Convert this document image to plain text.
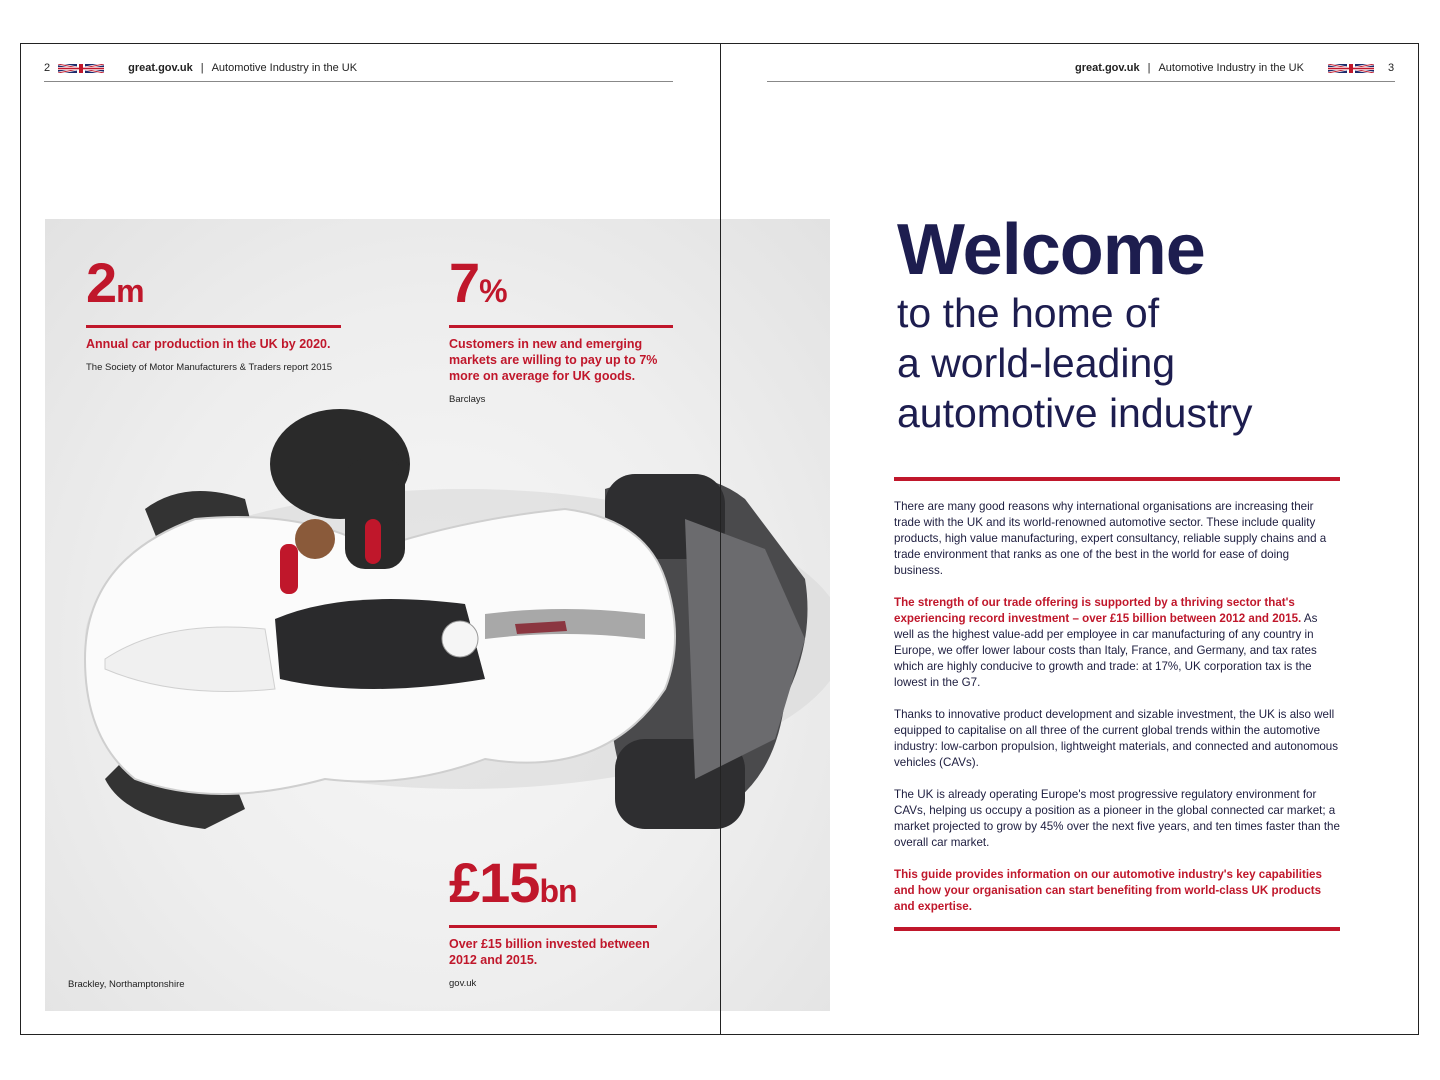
2	great.gov.uk | Automotive Industry in the UK	great.gov.uk | Automotive Industry in the UK	3
2m
Annual car production in the UK by 2020.
The Society of Motor Manufacturers & Traders report 2015
7%
Customers in new and emerging markets are willing to pay up to 7% more on average for UK goods.
Barclays
£15bn
Over £15 billion invested between 2012 and 2015.
gov.uk
Brackley, Northamptonshire
Welcome
to the home of
a world-leading
automotive industry

There are many good reasons why international organisations are increasing their trade with the UK and its world-renowned automotive sector. These include quality products, high value manufacturing, expert consultancy, reliable supply chains and a trade environment that ranks as one of the best in the world for ease of doing business.

The strength of our trade offering is supported by a thriving sector that's experiencing record investment – over £15 billion between 2012 and 2015. As well as the highest value-add per employee in car manufacturing of any country in Europe, we offer lower labour costs than Italy, France, and Germany, and tax rates which are highly conducive to growth and trade: at 17%, UK corporation tax is the lowest in the G7.

Thanks to innovative product development and sizable investment, the UK is also well equipped to capitalise on all three of the current global trends within the automotive industry: low-carbon propulsion, lightweight materials, and connected and autonomous vehicles (CAVs).

The UK is already operating Europe's most progressive regulatory environment for CAVs, helping us occupy a position as a pioneer in the global connected car market; a market projected to grow by 45% over the next five years, and ten times faster than the overall car market.

This guide provides information on our automotive industry's key capabilities and how your organisation can start benefiting from world-class UK products and expertise.
